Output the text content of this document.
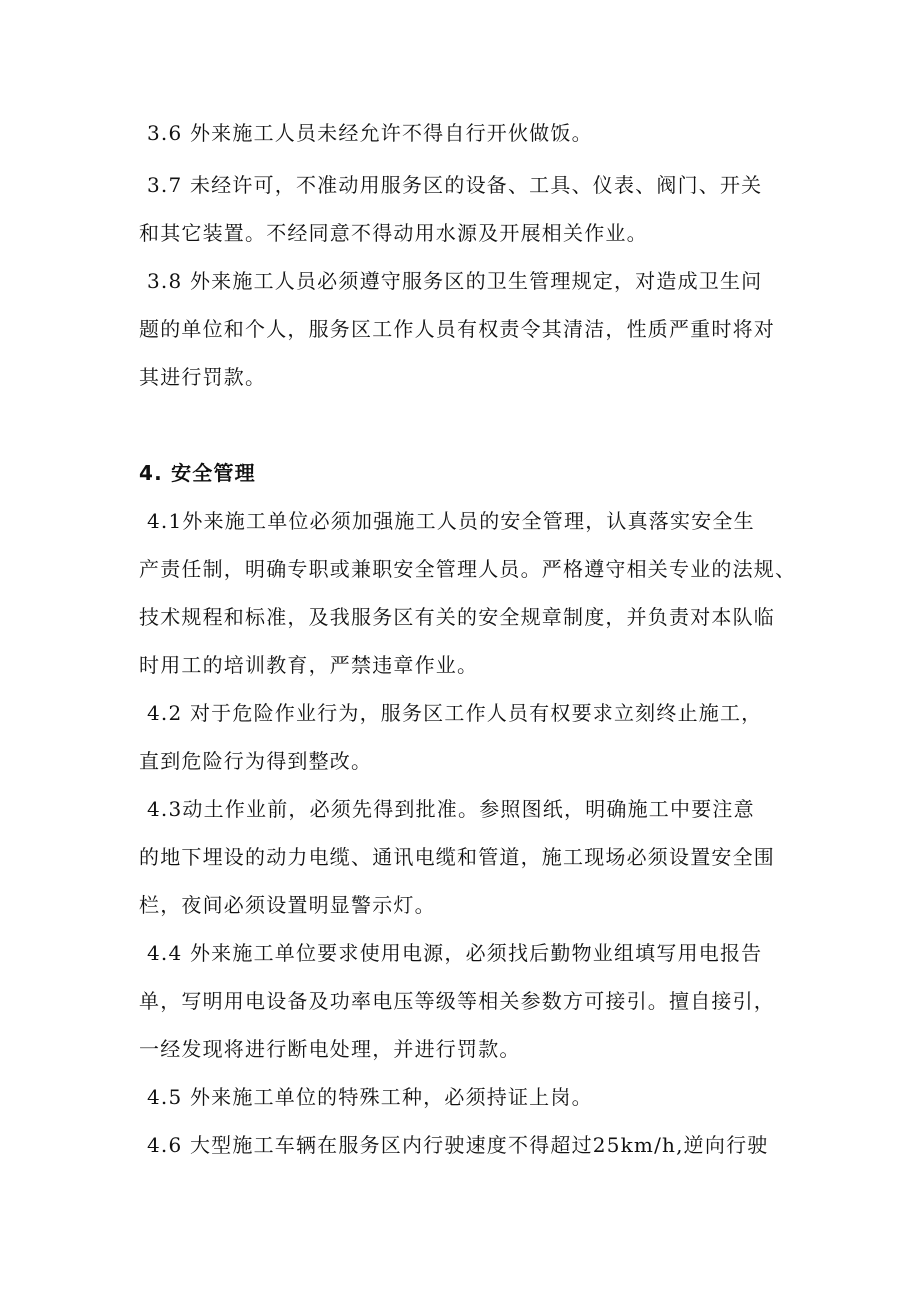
3.6 外来施工人员未经允许不得自行开伙做饭。
3.7 未经许可，不准动用服务区的设备、工具、仪表、阀门、开关
和其它装置。不经同意不得动用水源及开展相关作业。
3.8 外来施工人员必须遵守服务区的卫生管理规定，对造成卫生问
题的单位和个人，服务区工作人员有权责令其清洁，性质严重时将对
其进行罚款。
4. 安全管理
4.1外来施工单位必须加强施工人员的安全管理，认真落实安全生
产责任制，明确专职或兼职安全管理人员。严格遵守相关专业的法规、
技术规程和标准，及我服务区有关的安全规章制度，并负责对本队临
时用工的培训教育，严禁违章作业。
4.2 对于危险作业行为，服务区工作人员有权要求立刻终止施工，
直到危险行为得到整改。
4.3动土作业前，必须先得到批准。参照图纸，明确施工中要注意
的地下埋设的动力电缆、通讯电缆和管道，施工现场必须设置安全围
栏，夜间必须设置明显警示灯。
4.4 外来施工单位要求使用电源，必须找后勤物业组填写用电报告
单，写明用电设备及功率电压等级等相关参数方可接引。擅自接引，
一经发现将进行断电处理，并进行罚款。
4.5 外来施工单位的特殊工种，必须持证上岗。
4.6 大型施工车辆在服务区内行驶速度不得超过25km/h,逆向行驶
